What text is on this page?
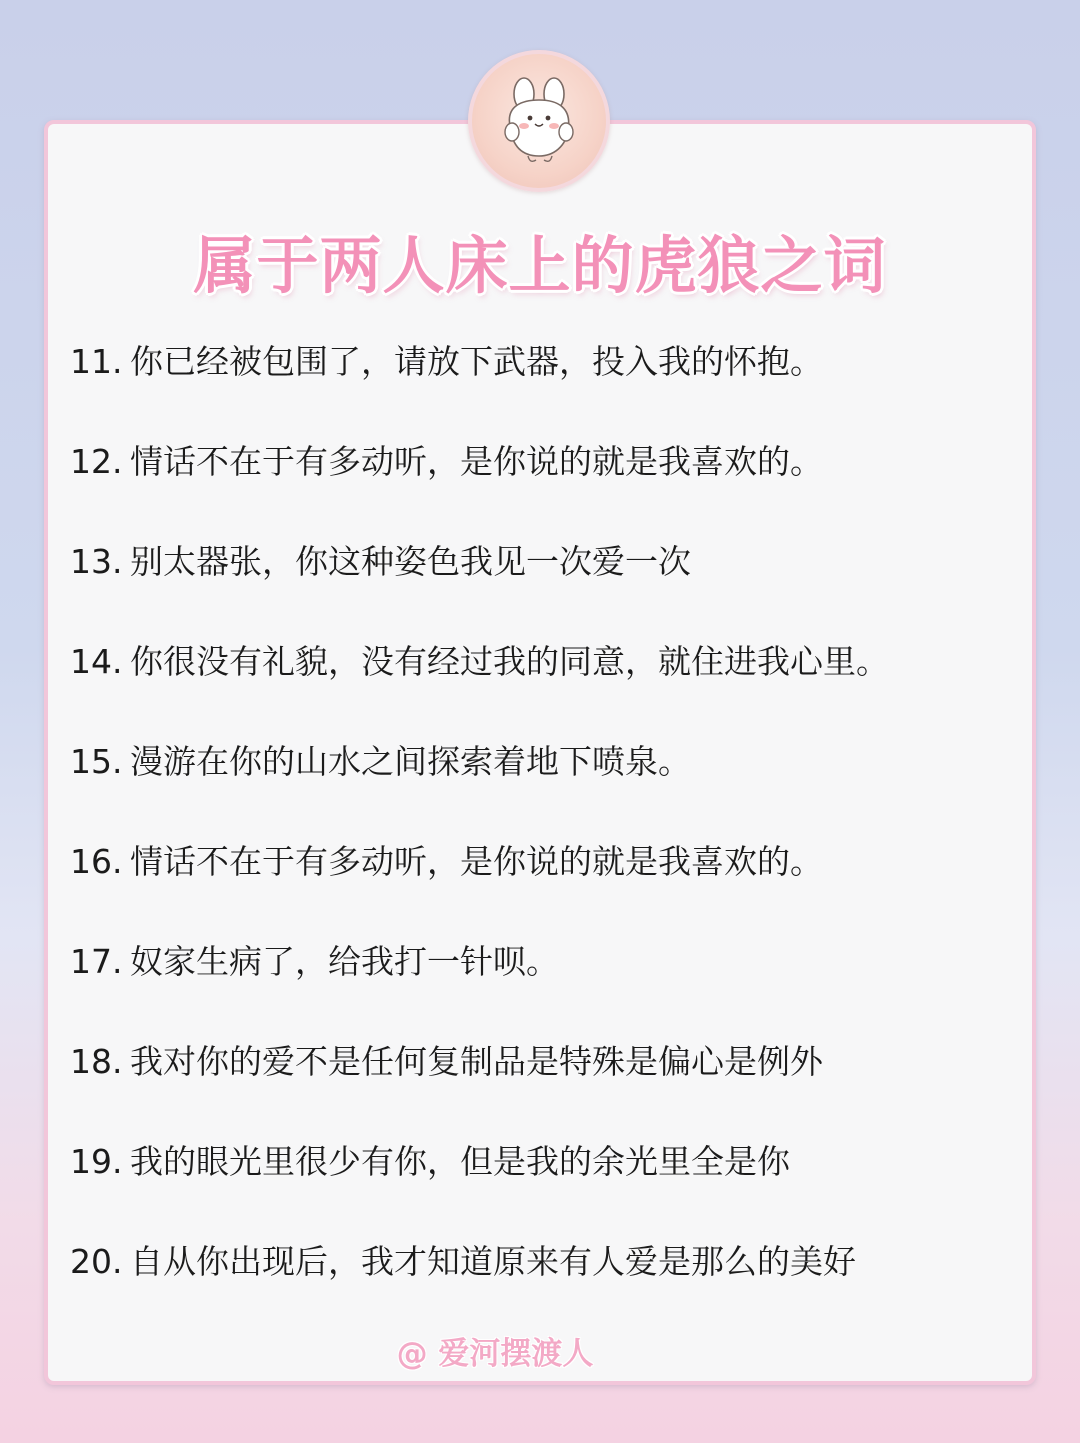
属于两人床上的虎狼之词
11. 你已经被包围了，请放下武器，投入我的怀抱。
12. 情话不在于有多动听，是你说的就是我喜欢的。
13. 别太器张，你这种姿色我见一次爱一次
14. 你很没有礼貌，没有经过我的同意，就住进我心里。
15. 漫游在你的山水之间探索着地下喷泉。
16. 情话不在于有多动听，是你说的就是我喜欢的。
17. 奴家生病了，给我打一针呗。
18. 我对你的爱不是任何复制品是特殊是偏心是例外
19. 我的眼光里很少有你，但是我的余光里全是你
20. 自从你出现后，我才知道原来有人爱是那么的美好
@ 爱河摆渡人
